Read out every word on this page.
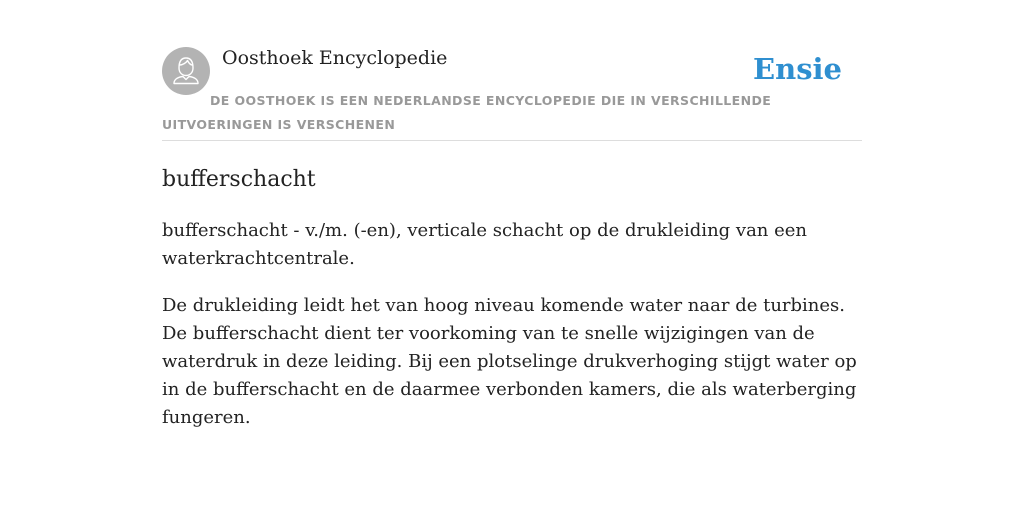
Oosthoek Encyclopedie	Ensie
DE OOSTHOEK IS EEN NEDERLANDSE ENCYCLOPEDIE DIE IN VERSCHILLENDE UITVOERINGEN IS VERSCHENEN
bufferschacht

bufferschacht - v./m. (-en), verticale schacht op de drukleiding van een waterkrachtcentrale.

De drukleiding leidt het van hoog niveau komende water naar de turbines. De bufferschacht dient ter voorkoming van te snelle wijzigingen van de waterdruk in deze leiding. Bij een plotselinge drukverhoging stijgt water op in de bufferschacht en de daarmee verbonden kamers, die als waterberging fungeren.
